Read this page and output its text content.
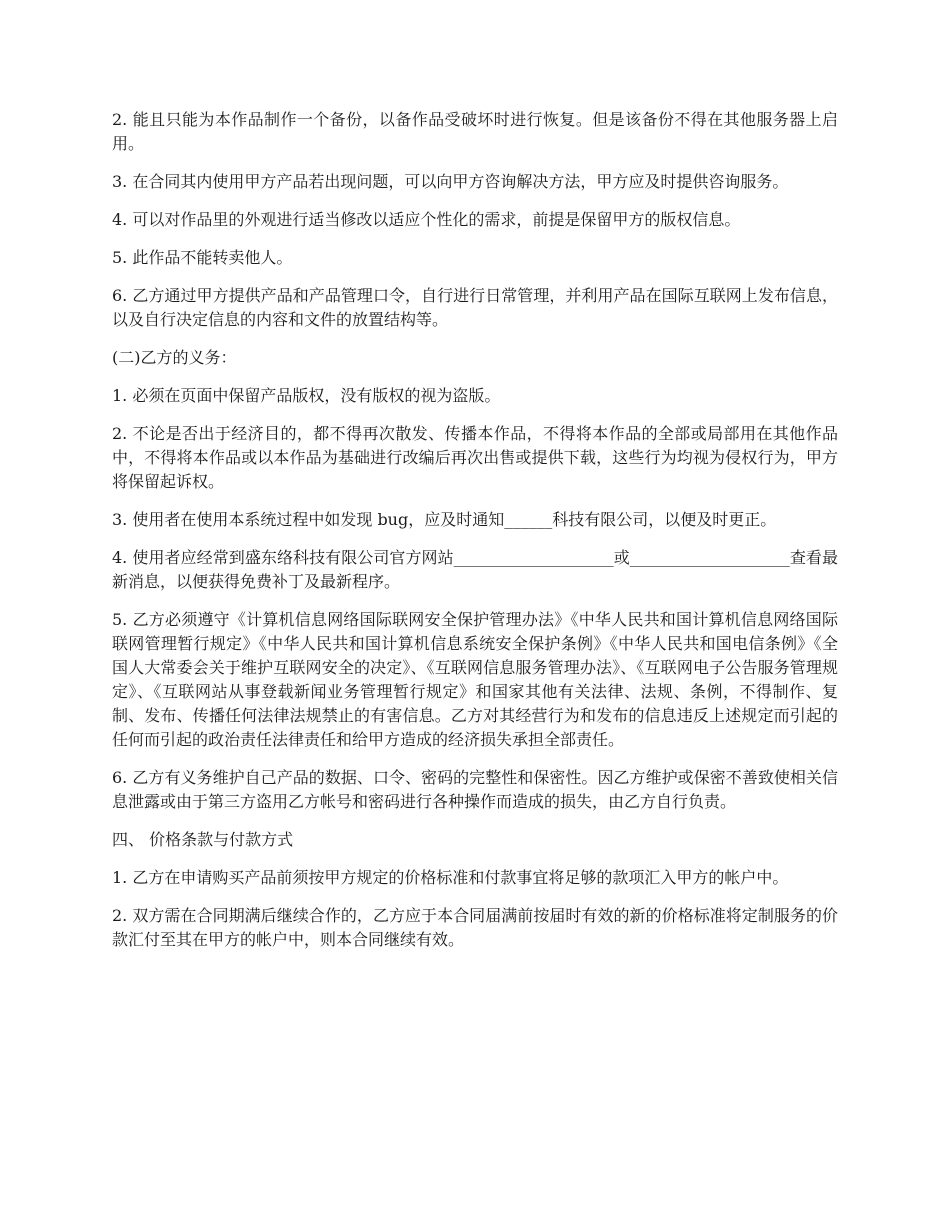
2. 能且只能为本作品制作一个备份，以备作品受破坏时进行恢复。但是该备份不得在其他服务器上启用。

3. 在合同其内使用甲方产品若出现问题，可以向甲方咨询解决方法，甲方应及时提供咨询服务。

4. 可以对作品里的外观进行适当修改以适应个性化的需求，前提是保留甲方的版权信息。

5. 此作品不能转卖他人。

6. 乙方通过甲方提供产品和产品管理口令，自行进行日常管理，并利用产品在国际互联网上发布信息，以及自行决定信息的内容和文件的放置结构等。

(二)乙方的义务：

1. 必须在页面中保留产品版权，没有版权的视为盗版。

2. 不论是否出于经济目的，都不得再次散发、传播本作品，不得将本作品的全部或局部用在其他作品中，不得将本作品或以本作品为基础进行改编后再次出售或提供下载，这些行为均视为侵权行为，甲方将保留起诉权。

3. 使用者在使用本系统过程中如发现 bug，应及时通知______科技有限公司，以便及时更正。

4. 使用者应经常到盛东络科技有限公司官方网站____________________或____________________查看最新消息，以便获得免费补丁及最新程序。

5. 乙方必须遵守《计算机信息网络国际联网安全保护管理办法》《中华人民共和国计算机信息网络国际联网管理暂行规定》《中华人民共和国计算机信息系统安全保护条例》《中华人民共和国电信条例》《全国人大常委会关于维护互联网安全的决定》、《互联网信息服务管理办法》、《互联网电子公告服务管理规定》、《互联网站从事登载新闻业务管理暂行规定》和国家其他有关法律、法规、条例，不得制作、复制、发布、传播任何法律法规禁止的有害信息。乙方对其经营行为和发布的信息违反上述规定而引起的任何而引起的政治责任法律责任和给甲方造成的经济损失承担全部责任。

6. 乙方有义务维护自己产品的数据、口令、密码的完整性和保密性。因乙方维护或保密不善致使相关信息泄露或由于第三方盗用乙方帐号和密码进行各种操作而造成的损失，由乙方自行负责。

四、 价格条款与付款方式

1. 乙方在申请购买产品前须按甲方规定的价格标准和付款事宜将足够的款项汇入甲方的帐户中。

2. 双方需在合同期满后继续合作的，乙方应于本合同届满前按届时有效的新的价格标准将定制服务的价款汇付至其在甲方的帐户中，则本合同继续有效。
